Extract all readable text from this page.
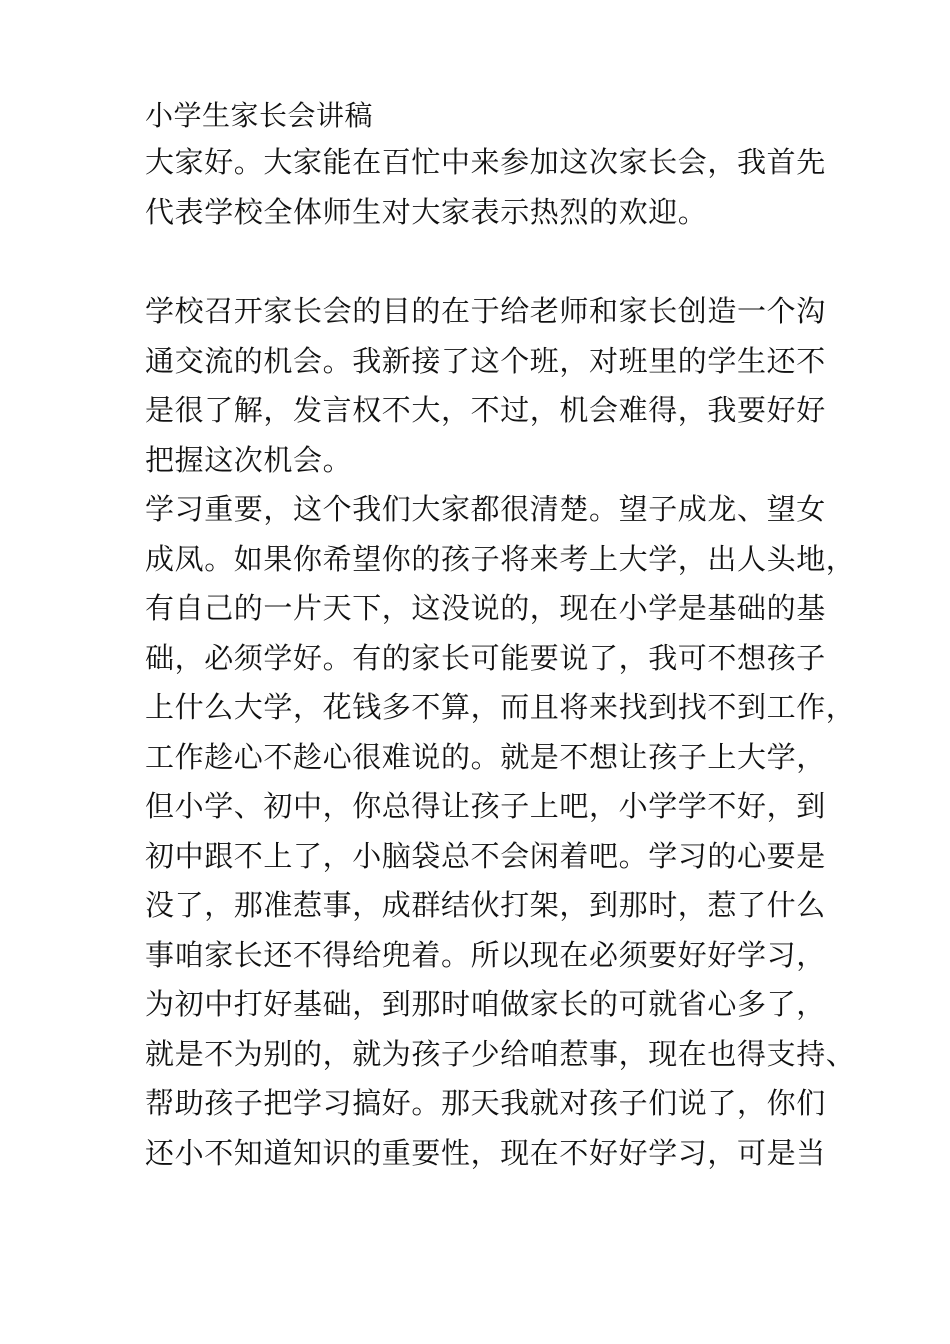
小学生家长会讲稿
大家好。大家能在百忙中来参加这次家长会，我首先
代表学校全体师生对大家表示热烈的欢迎。
学校召开家长会的目的在于给老师和家长创造一个沟
通交流的机会。我新接了这个班，对班里的学生还不
是很了解，发言权不大，不过，机会难得，我要好好
把握这次机会。
学习重要，这个我们大家都很清楚。望子成龙、望女
成凤。如果你希望你的孩子将来考上大学，出人头地，
有自己的一片天下，这没说的，现在小学是基础的基
础，必须学好。有的家长可能要说了，我可不想孩子
上什么大学，花钱多不算，而且将来找到找不到工作，
工作趁心不趁心很难说的。就是不想让孩子上大学，
但小学、初中，你总得让孩子上吧，小学学不好，到
初中跟不上了，小脑袋总不会闲着吧。学习的心要是
没了，那准惹事，成群结伙打架，到那时，惹了什么
事咱家长还不得给兜着。所以现在必须要好好学习，
为初中打好基础，到那时咱做家长的可就省心多了，
就是不为别的，就为孩子少给咱惹事，现在也得支持、
帮助孩子把学习搞好。那天我就对孩子们说了，你们
还小不知道知识的重要性，现在不好好学习，可是当
